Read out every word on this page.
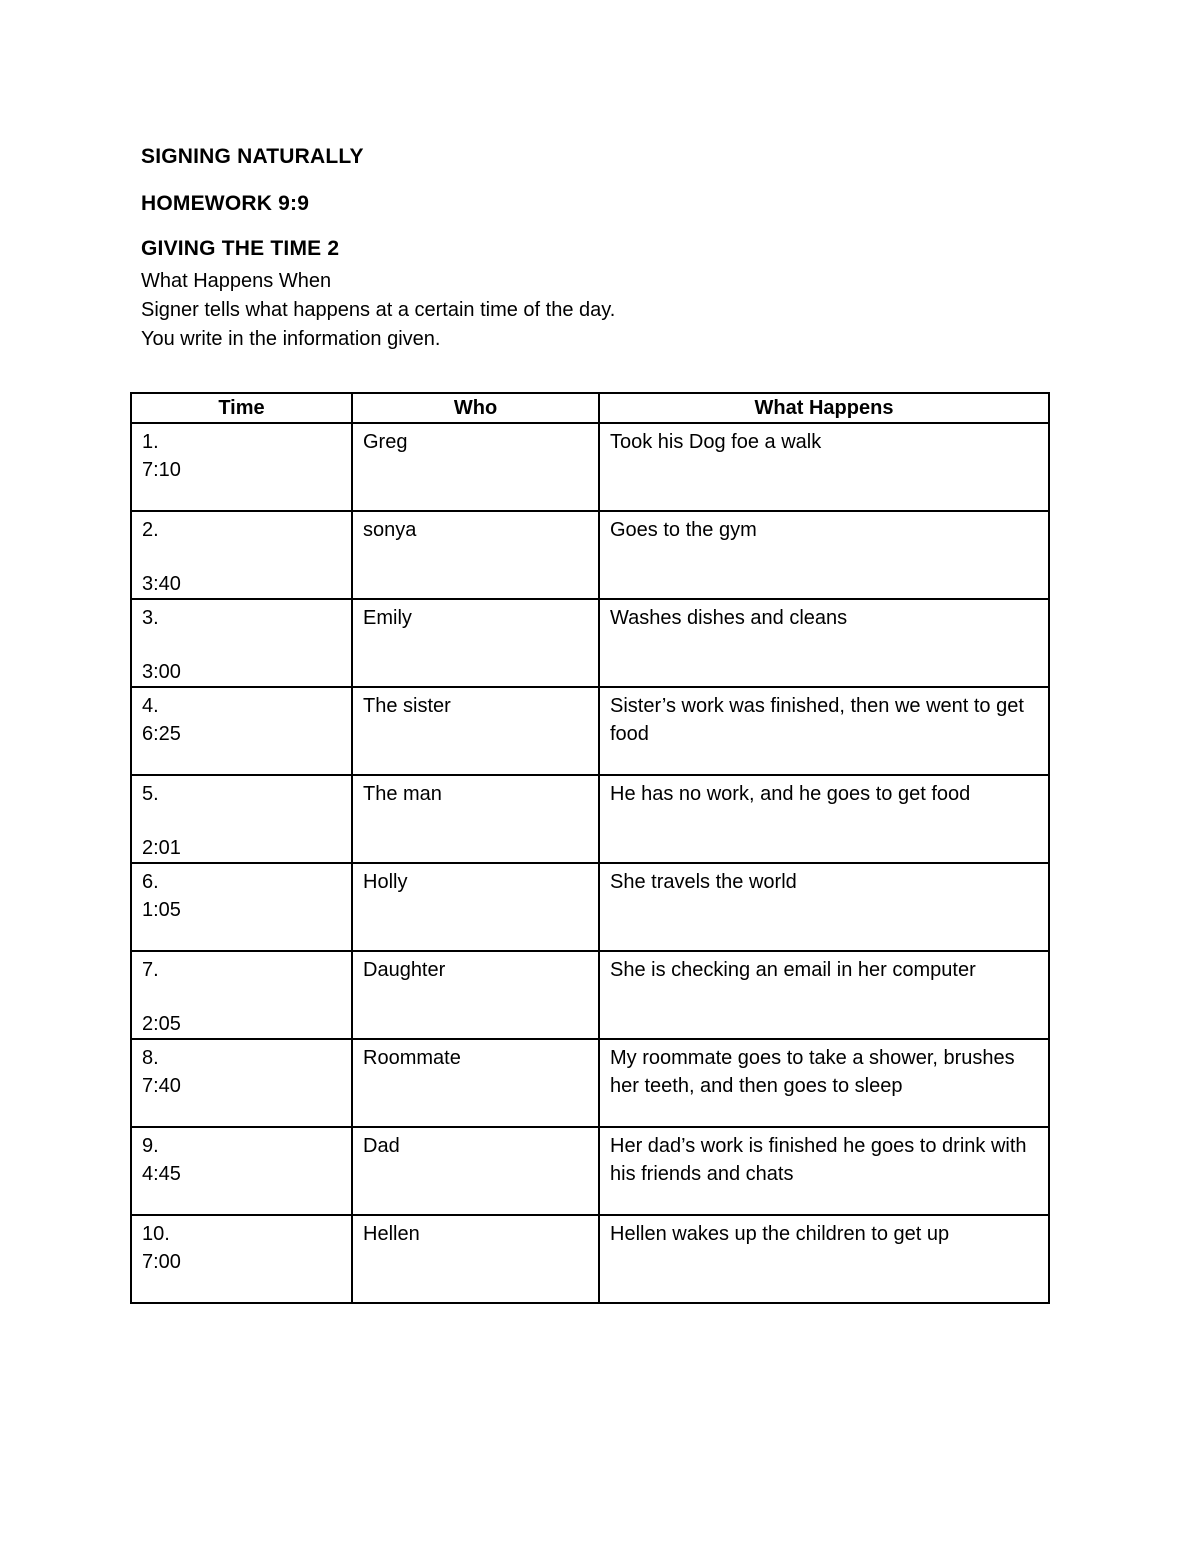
SIGNING NATURALLY
HOMEWORK 9:9
GIVING THE TIME 2
What Happens When
Signer tells what happens at a certain time of the day.
You write in the information given.
Time	Who	What Happens

1.
7:10	Greg	Took his Dog foe a walk

2.
3:40	sonya	Goes to the gym

3.
3:00	Emily	Washes dishes and cleans

4.
6:25	The sister	Sister’s work was finished, then we went to get food

5.
2:01	The man	He has no work, and he goes to get food

6.
1:05	Holly	She travels the world

7.
2:05	Daughter	She is checking an email in her computer

8.
7:40	Roommate	My roommate goes to take a shower, brushes her teeth, and then goes to sleep

9.
4:45	Dad	Her dad’s work is finished he goes to drink with his friends and chats

10.
7:00	Hellen	Hellen wakes up the children to get up
